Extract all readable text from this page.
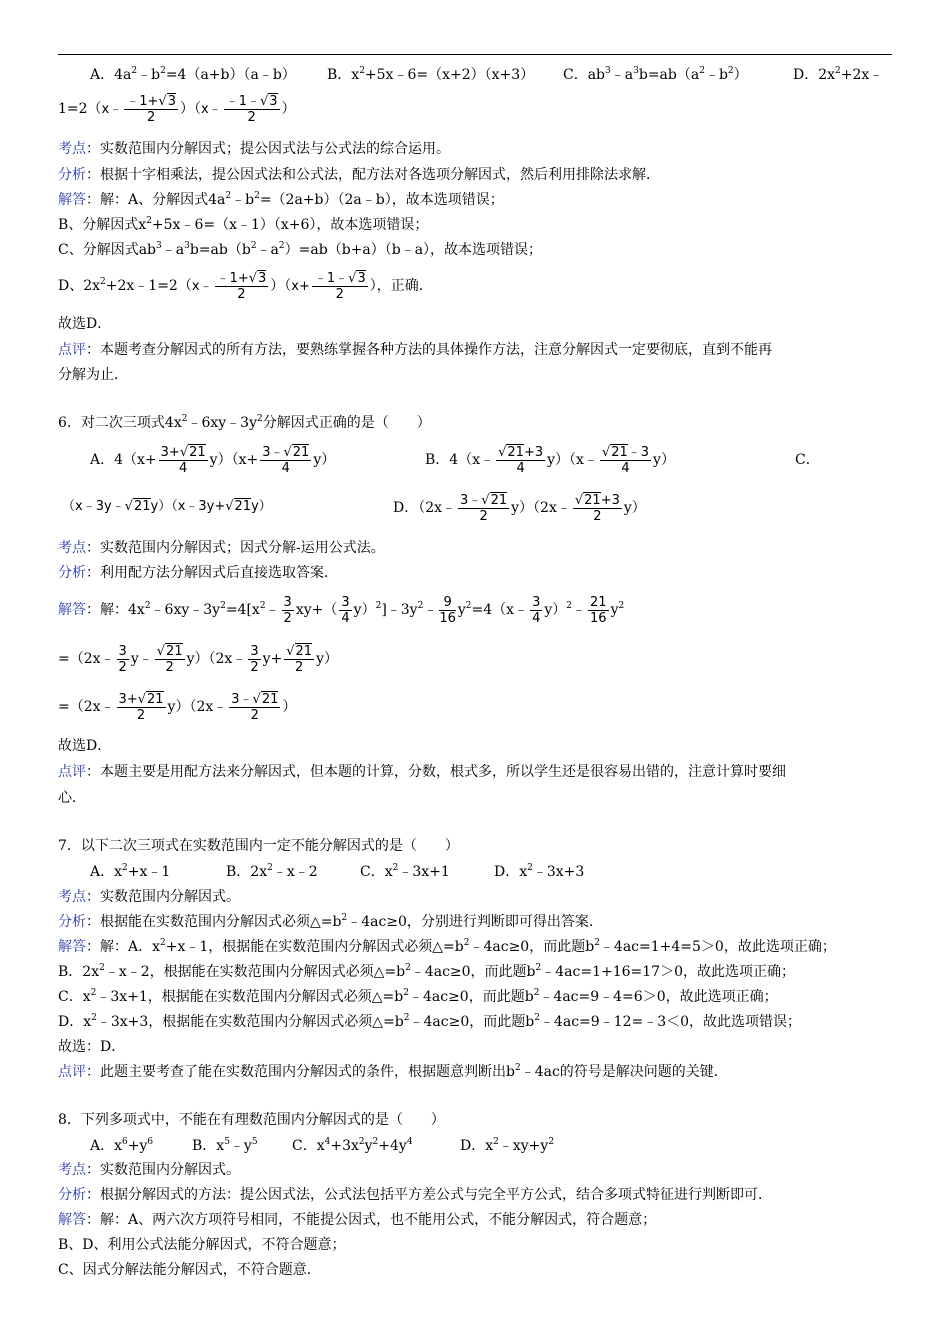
A．$4a^2﹣b^2=4(a+b)(a﹣b)$ B．$x^2+5x﹣6=(x+2)(x+3)$ C．$ab^3﹣a^3b=ab(a^2﹣b^2)$	D．$2x^2+2x﹣$
1=2（x﹣ $\frac{﹣1+√3}{2}$ ）（x﹣ $\frac{﹣1﹣√3}{2}$ ）
考点：实数范围内分解因式；提公因式法与公式法的综合运用。
分析：根据十字相乘法，提公因式法和公式法，配方法对各选项分解因式，然后利用排除法求解．
解答：解：A、分解因式$4a^2﹣b^2=(2a+b)(2a﹣b)$，故本选项错误；
B、分解因式$x^2+5x﹣6=(x﹣1)(x+6)$，故本选项错误；
C、分解因式$ab^3﹣a^3b=ab(b^2﹣a^2)=ab(b+a)(b﹣a)$，故本选项错误；
D、$2x^2+2x﹣1=2(x﹣ \frac{﹣1+√3}{2} )(x+ \frac{﹣1﹣√3}{2}$ ），正确．
故选D．
点评：本题考查分解因式的所有方法，要熟练掌握各种方法的具体操作方法，注意分解因式一定要彻底，直到不能再
分解为止．
6．对二次三项式$4x^2﹣6xy﹣3y^2$分解因式正确的是（　　）
A．$4(x+ \frac{3+√21}{4} y)(x+ \frac{3﹣√21}{4} y)$	B．4（x﹣ $\frac{√21+3}{4}$ y）（x﹣ $\frac{√21﹣3}{4} y$）	C．
（x﹣3y﹣√21y）（x﹣3y+√21y）	D．（2x﹣ $\frac{3﹣√21}{2}$ y）（2x﹣ $\frac{√21+3}{2} y$）
考点：实数范围内分解因式；因式分解-运用公式法。
分析：利用配方法分解因式后直接选取答案．
解答：解：$4x^2﹣6xy﹣3y^2=4[x^2﹣ \frac{3}{2} xy+( \frac{3}{4}$ $y)^2]﹣3y^2﹣ \frac{9}{16}$ $y^2=4(x﹣ \frac{3}{4}$ y）$^2$﹣ $\frac{21}{16} y^2$
=（2x﹣ $\frac{3}{2}$ y﹣ $\frac{√21}{2}$ y）（2x﹣ $\frac{3}{2} y+ \frac{√21}{2} y$）
=（2x﹣ $\frac{3+√21}{2}$ y）（2x﹣ $\frac{3﹣√21}{2}$ ）
故选D．
点评：本题主要是用配方法来分解因式，但本题的计算，分数，根式多，所以学生还是很容易出错的，注意计算时要细
心．
7．以下二次三项式在实数范围内一定不能分解因式的是（　　）
A．$x^2+x﹣1$	B．$2x^2﹣x﹣2$	C．$x^2﹣3x+1$	D．$x^2﹣3x+3$
考点：实数范围内分解因式。
分析：根据能在实数范围内分解因式必须$\triangle=b^2﹣4ac\ge 0$，分别进行判断即可得出答案．
解答：解：A．$x^2+x﹣1$，根据能在实数范围内分解因式必须$\triangle=b^2﹣4ac\ge 0$，而此题$b^2﹣4ac=1+4=5>0$，故此选项正确；
B．$2x^2﹣x﹣2$，根据能在实数范围内分解因式必须$\triangle=b^2﹣4ac\ge 0$，而此题$b^2﹣4ac=1+16=17>0$，故此选项正确；
C．$x^2﹣3x+1$，根据能在实数范围内分解因式必须$\triangle=b^2﹣4ac\ge 0$，而此题$b^2﹣4ac=9﹣4=6>0$，故此选项正确；
D．$x^2﹣3x+3$，根据能在实数范围内分解因式必须$\triangle=b^2﹣4ac\ge 0$，而此题$b^2﹣4ac=9﹣12=﹣3<0$，故此选项错误；
故选：D．
点评：此题主要考查了能在实数范围内分解因式的条件，根据题意判断出$b^2﹣4ac$的符号是解决问题的关键．
8．下列多项式中，不能在有理数范围内分解因式的是（　　）
A．$x^6+y^6$	B．$x^5﹣y^5$ C．$x^4+3x^2y^2+4y^4$	D．$x^2﹣xy+y^2$
考点：实数范围内分解因式。
分析：根据分解因式的方法：提公因式法，公式法包括平方差公式与完全平方公式，结合多项式特征进行判断即可．
解答：解：A、两六次方项符号相同，不能提公因式，也不能用公式，不能分解因式，符合题意；
B、D、利用公式法能分解因式，不符合题意；
C、因式分解法能分解因式，不符合题意．
